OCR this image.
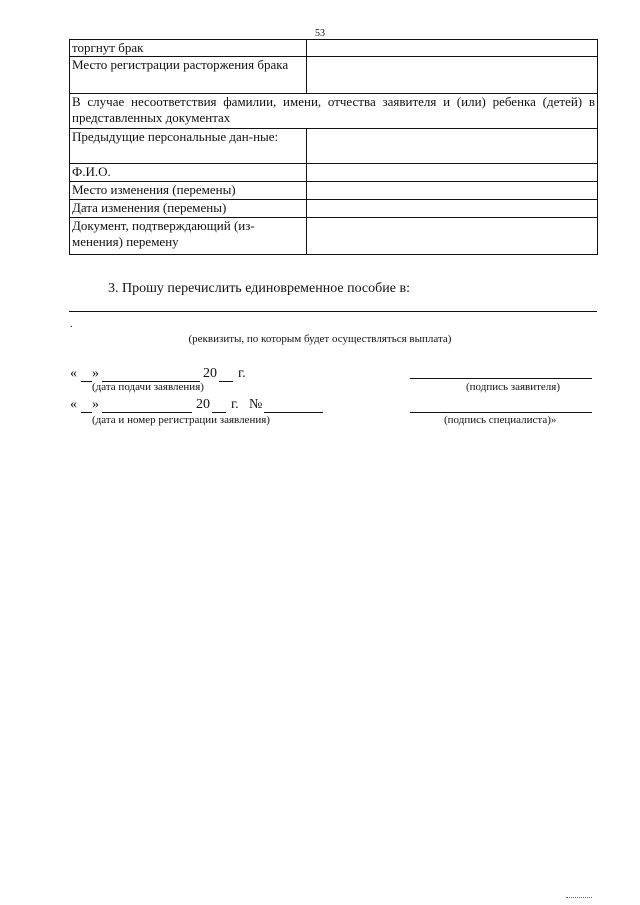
53
торгнут брак	
Место регистрации расторжения брака	
В случае несоответствия фамилии, имени, отчества заявителя и (или) ребенка (детей) в представленных документах	
Предыдущие персональные дан-ные:	
Ф.И.О.	
Место изменения (перемены)	
Дата изменения (перемены)	
Документ, подтверждающий (из-менения) перемену	
3. Прошу перечислить единовременное пособие в:
.
(реквизиты, по которым будет осуществляться выплата)
« »	20 г.
(дата подачи заявления)	(подпись заявителя)
« »	20 г. №
(дата и номер регистрации заявления)	(подпись специалиста)»
